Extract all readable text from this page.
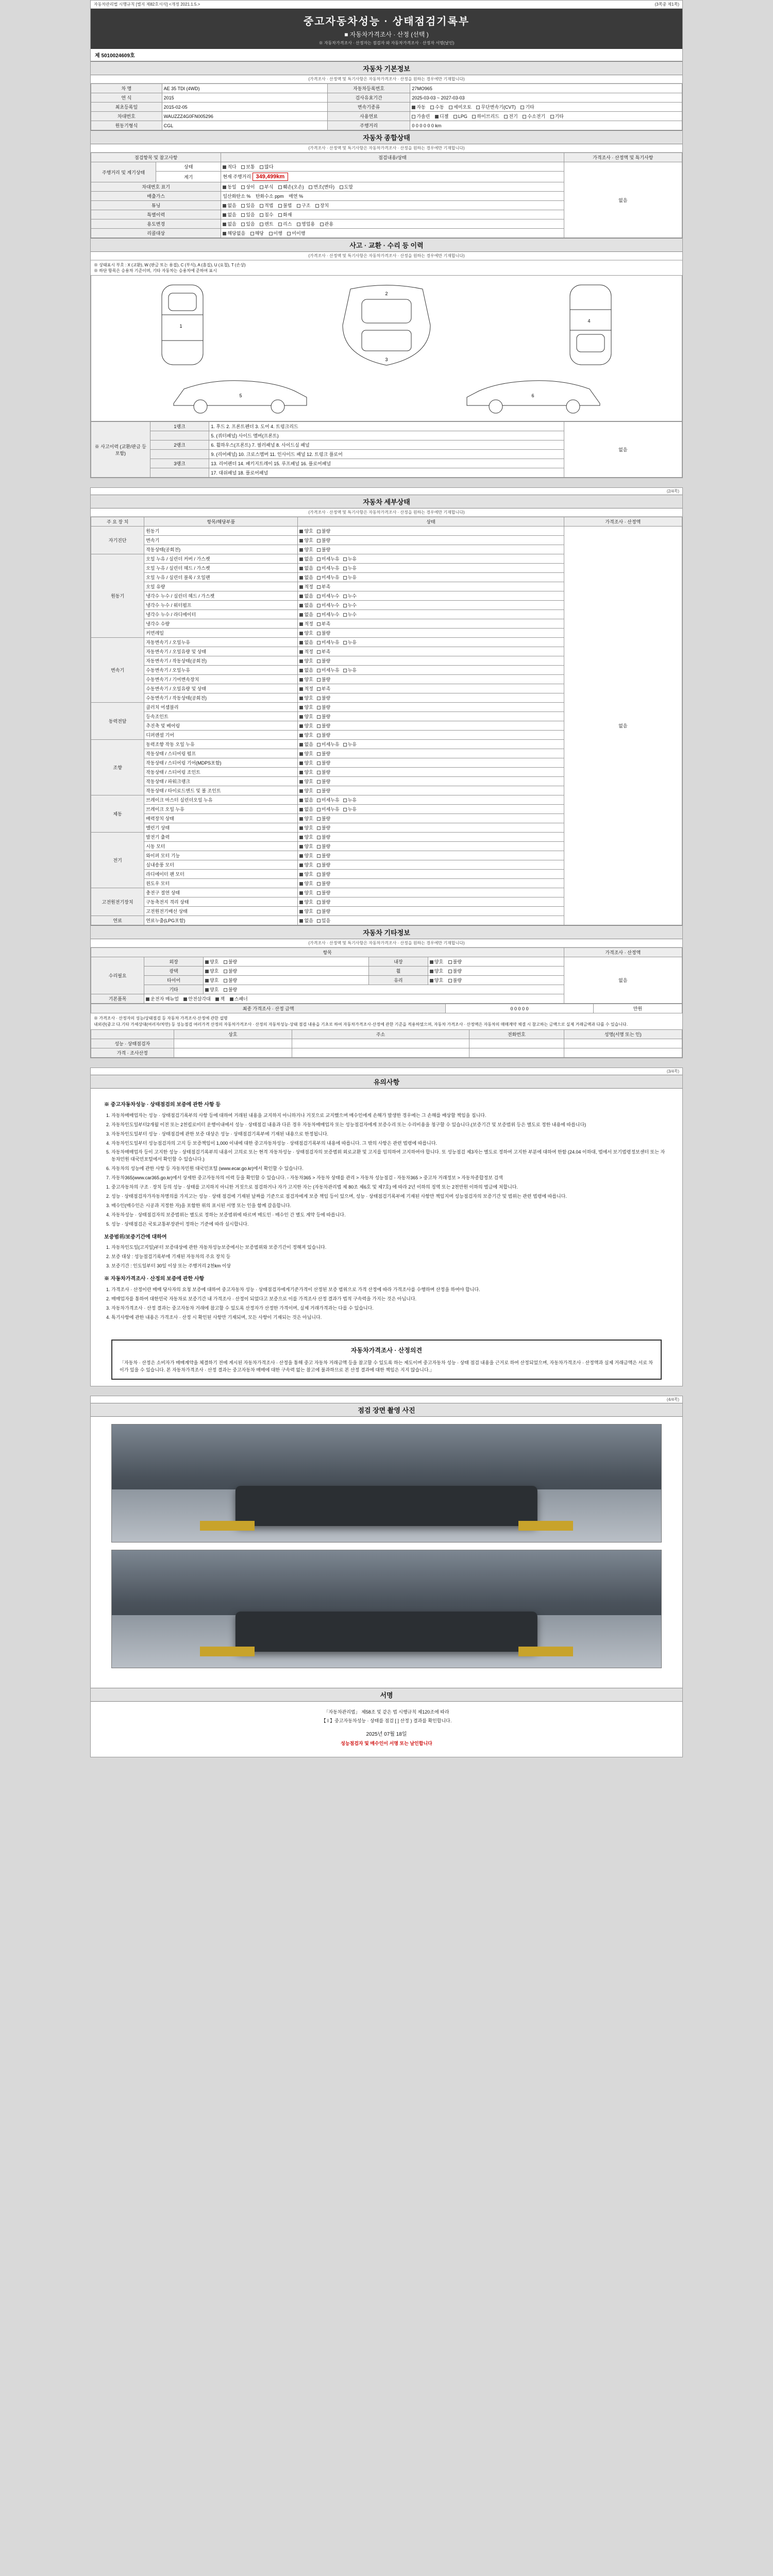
자동차관리법 시행규칙 [별지 제82호서식] <개정 2021.1.5.>	(3쪽중 제1쪽)
중고자동차성능 · 상태점검기록부
■ 자동차가격조사 · 산정 (선택 )
※ 자동차가격조사 · 산정자는 점검자 와 자동차가격조사 · 산정자 서명(날인)
제 5010024609호
자동차 기본정보
(가격조사 · 산정액 및 특기사항은 자동차가격조사 · 산정을 원하는 경우에만 기재합니다)
차 명	AE 35 TDI (4WD)	자동차등록번호	27МО965
연 식	2015	검사유효기간	2025-03-03 ~ 2027-03-03
최초등록일	2015-02-05	변속기종류	자동 수동 세미오토 무단변속기(CVT) 기타
차대번호	WAUZZZ4G0FN005296	사용연료	가솔린 디젤 LPG 하이브리드 전기 수소전기 기타
원동기형식	CGL	주행거리	0 0 0 0 0 0 km
자동차 종합상태
(가격조사 · 산정액 및 특기사항은 자동차가격조사 · 산정을 원하는 경우에만 기재합니다)
점검항목 및 참고사항		점검내용/상태	가격조사 · 산정액 및 특기사항
주행거리 및 계기상태	상태	적다 보통 많다	없음
	계기	현재 주행거리 349,499km	
차대번호 표기		동일 상이 부식 훼손(오손) 변조(변타) 도말	
배출가스		일산화탄소 % 탄화수소 ppm 매연 %	
튜닝		없음 있음 적법 불법 구조 장치	
특별이력		없음 있음 침수 화재	
용도변경		없음 있음 렌트 리스 영업용 관용	
리콜대상		해당없음 해당 이행 미이행	
사고 · 교환 · 수리 등 이력
(가격조사 · 산정액 및 특기사항은 자동차가격조사 · 산정을 원하는 경우에만 기재합니다)
※ 상태표시 부호 : X (교환), W (판금 또는 용접), C (부식), A (흠집), U (요철), T (손상)
※ 하단 항목은 승용차 기준이며, 기타 자동차는 승용차에 준하여 표시
1
2
3
4
5	6
※ 사고이력 (교환/판금 등 포함)	1랭크	1. 후드 2. 프론트펜더 3. 도어 4. 트렁크리드	없음
		5. (쿼터패널) 사이드 멤버(프론트)	
	2랭크	6. 휠하우스(프론트) 7. 필러패널 8. 사이드실 패널	
		9. (리어패널) 10. 크로스멤버 11. 인사이드 패널 12. 트렁크 플로어	
	3랭크	13. 리어펜더 14. 패키지트레이 15. 루프패널 16. 플로어패널	
		17. 대쉬패널 18. 플로어패널	
(2/4쪽)
자동차 세부상태
(가격조사 · 산정액 및 특기사항은 자동차가격조사 · 산정을 원하는 경우에만 기재합니다)
주 요 장 치	항목/해당부품	상태	가격조사 · 산정액
자기진단	원동기	양호 불량	없음
	변속기	양호 불량	
	작동상태(공회전)	양호 불량	
원동기	오일 누유 / 실린더 커버 / 가스켓	없음 미세누유 누유	
	오일 누유 / 실린더 헤드 / 가스켓	없음 미세누유 누유	
	오일 누유 / 실린더 블록 / 오일팬	없음 미세누유 누유	
	오일 유량	적정 부족	
	냉각수 누수 / 실린더 헤드 / 가스켓	없음 미세누수 누수	
	냉각수 누수 / 워터펌프	없음 미세누수 누수	
	냉각수 누수 / 라디에이터	없음 미세누수 누수	
	냉각수 수량	적정 부족	
	커먼레일	양호 불량	
변속기	자동변속기 / 오일누유	없음 미세누유 누유	
	자동변속기 / 오일유량 및 상태	적정 부족	
	자동변속기 / 작동상태(공회전)	양호 불량	
	수동변속기 / 오일누유	없음 미세누유 누유	
	수동변속기 / 기어변속장치	양호 불량	
	수동변속기 / 오일유량 및 상태	적정 부족	
	수동변속기 / 작동상태(공회전)	양호 불량	
동력전달	클러치 어셈블리	양호 불량	
	등속조인트	양호 불량	
	추진축 및 베어링	양호 불량	
	디퍼렌셜 기어	양호 불량	
조향	동력조향 작동 오일 누유	없음 미세누유 누유	
	작동상태 / 스티어링 펌프	양호 불량	
	작동상태 / 스티어링 기어(MDPS포함)	양호 불량	
	작동상태 / 스티어링 조인트	양호 불량	
	작동상태 / 파워크랭크	양호 불량	
	작동상태 / 타이로드엔드 및 볼 조인트	양호 불량	
제동	브레이크 마스터 실린더오일 누유	없음 미세누유 누유	
	브레이크 오일 누유	없음 미세누유 누유	
	배력장치 상태	양호 불량	
	밸런기 상태	양호 불량	
전기	발전기 출력	양호 불량	
	시동 모터	양호 불량	
	와이퍼 모터 기능	양호 불량	
	실내송풍 모터	양호 불량	
	라디에이터 팬 모터	양호 불량	
	윈도우 모터	양호 불량	
고전원전기장치	충전구 절연 상태	양호 불량	
	구동축전지 격리 상태	양호 불량	
	고전원전기배선 상태	양호 불량	
연료	연료누출(LPG포함)	없음 있음	
자동차 기타정보
(가격조사 · 산정액 및 특기사항은 자동차가격조사 · 산정을 원하는 경우에만 기재합니다)
항목					가격조사 · 산정액
수리필요	외장	양호 불량	내장	양호 불량	없음
	광택	양호 불량	휠	양호 불량	
	타이어	양호 불량	유리	양호 불량	
	기타	양호 불량			
기본품목	운전자 매뉴얼 안전삼각대 잭 스패너				
최종 가격조사 · 산정 금액	0 0 0 0 0	만원
※ 가격조사 · 산정자의 성능/상태점검 등 자동차 가격조사·산정에 관한 설명
내외관(중고 다.기타 가세상대(여러자/차만) 등 성능점검 여러가격 산정의 자동차가격조사 · 산정의 자동차성능·상태 점검 내용을 기초로 하여 자동차가격조사·산정에 관한 기준을 적용하였으며, 자동차 가격조사 · 산정액은 자동차의 매매계약 체결 시 참고하는 금액으로 실제 거래금액과 다를 수 있습니다.
	상호	주소	전화번호	성명(서명 또는 인)
성능 · 상태점검자				
가격 · 조사산정				
(3/4쪽)
유의사항
※ 중고자동차성능 · 상태점검의 보증에 관한 사항 등
1. 자동차매매업자는 성능 · 상태점검기록부의 사항 등에 대하여 거래된 내용을 교지하지 아니하거나 거짓으로 교지했으며 매수인에게 손해가 발생한 경우에는 그 손해를 배상할 책임을 집니다.
2. 자동차인도일부터2개월 이전 또는 2천킬로미터 운행이내에서 성능 · 상태점검 내용과 다른 경우 자동차매매업자 또는 성능점검자에게 보증수리 또는 수리비용을 청구할 수 있습니다.(보증기간 및 보증범위 등은 별도로 정한 내용에 따릅니다)
3. 자동차인도일부터 성능 · 상태점검에 관한 보증 대상은 성능 · 상태점검기록부에 기재된 내용으로 한정됩니다.
4. 자동차인도일부터 성능점검자의 고지 등 보증책임이 1,000 이내에 대한 중고자동차성능 · 상태점검기록부의 내용에 따릅니다. 그 밖의 사항은 관련 법령에 따릅니다.
5. 자동차매매업자 등이 고지한 성능 · 상태점검기록부의 내용이 고의로 또는 현격 자동차성능 · 상태점검자의 보증범위 외로교환 및 고지를 임의하여 고지하여야 합니다. 또 성능점검 제3자는 별도로 정하여 고지한 부분에 대하여 한함 (24.04 이하대, 법에서 보기법령정보센터 또는 자동차민원 대국민포털에서 확인할 수 있습니다.)
6. 자동차의 성능에 관한 사항 등 자동차민원 대국민포털 (www.ecar.go.kr)에서 확인할 수 있습니다.
7. 자동차365(www.car365.go.kr)에서 상세한 중고자동차의 이력 등을 확인할 수 있습니다. - 자동차365 > 자동차 상태를 관리 > 자동차 성능점검 - 자동차365 > 중고차 거래정보 > 자동차종합정보 검색
1. 중고자동차의 구조 · 장치 등의 성능 · 상태를 고지하지 아니한 거짓으로 점검하거나 자가 고지한 자는 (자동차관리법 제 80조 제6호 및 제7호) 에 따라 2년 이하의 징역 또는 2천만원 이하의 벌금에 처합니다.
2. 성능 · 상태점검자가자동차명의를 가지고는 성능 · 상태 점검에 기재된 날짜를 기준으로 점검자에게 보증 책임 등이 있으며, 성능 · 상태점검기록부에 기재된 사항만 책임지며 성능점검자의 보증기간 및 범위는 관련 법령에 따릅니다.
3. 매수인(매수인은 시공과 지정한 자)을 포함한 위의 표시된 서명 또는 인을 함께 갈음합니다.
4. 자동차성능 · 상태점검자의 보증범위는 별도로 정하는 보증범위에 따르며 매도인 · 매수인 간 별도 계약 등에 따릅니다.
5. 성능 · 상태점검은 국토교통부장관이 정하는 기준에 따라 실시합니다.
보증범위/보증기간에 대하여
1. 자동차인도일(고지일)부터 보증대상에 관한 자동차성능보증에서는 보증범위와 보증기간이 정해져 있습니다.
2. 보증 대상 : 성능점검기록부에 기재된 자동차의 주요 장치 등
3. 보증기간 : 인도일부터 30일 이상 또는 주행거리 2천km 이상
※ 자동차가격조사 · 산정의 보증에 관한 사항
1. 가격조사 · 산정이란 매매 당사자의 요청 보증에 대하여 중고자동차 성능 · 상태점검자에게기준가격이 산정된 보증 범위으로 가격 산정에 따라 가격조사를 수행하며 산정을 하여야 합니다.
2. 매매업자를 통하여 대한민국 자동차로 보증기간 내 가격조사 · 산정이 되었다고 보증으로 이를 가격조사 산정 결과가 법적 구속력을 가지는 것은 아닙니다.
3. 자동차가격조사 · 산정 결과는 중고자동차 거래에 참고할 수 있도록 산정자가 산정한 가격이며, 실제 거래가격과는 다를 수 있습니다.
4. 특기사항에 관한 내용은 가격조사 · 산정 시 확인된 사항만 기재되며, 모든 사항이 기재되는 것은 아닙니다.
자동차가격조사 · 산정의견
「자동차 · 산정은 소비자가 매매계약을 체결하기 전에 게시된 자동차가격조사 · 산정을 통해 중고 자동차 거래금액 등을 참고할 수 있도록 하는 제도이며 중고자동차 성능 · 상태 점검 내용을 근거로 하여 산정되었으며, 자동차가격조사 · 산정액과 실제 거래금액은 서로 차이가 있을 수 있습니다. 본 자동차가격조사 · 산정 결과는 중고자동차 매매에 대한 구속력 없는 참고에 불과하므로 본 산정 결과에 대한 책임은 지지 않습니다.」
(4/4쪽)
점검 장면 촬영 사진
서명
「자동차관리법」 제58조 및 같은 법 시행규칙 제120조에 따라
【 I 】중고자동차성능 · 상태를 점검 [ ] 산정 ) 결과를 확인합니다.
2025년 07월 18일
성능점검자 및 매수인이 서명 또는 날인합니다
